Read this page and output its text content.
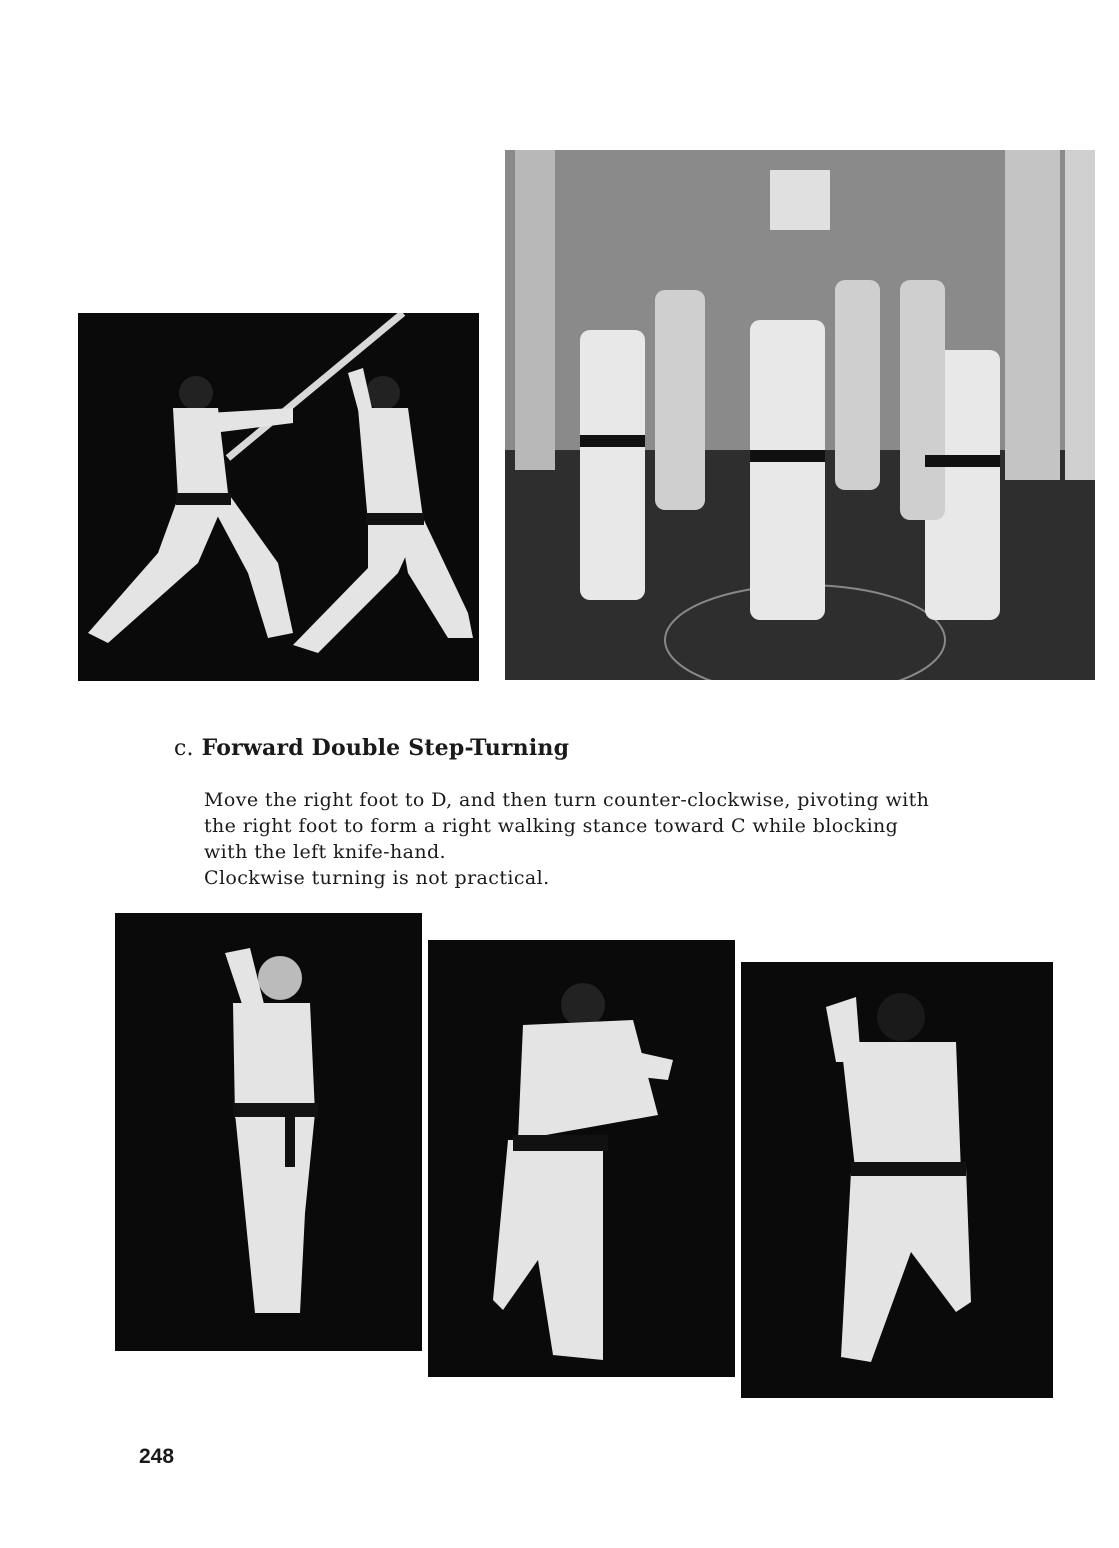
c. Forward Double Step-Turning

Move the right foot to D, and then turn counter-clockwise, pivoting with the right foot to form a right walking stance toward C while blocking with the left knife-hand.

Clockwise turning is not practical.

248
